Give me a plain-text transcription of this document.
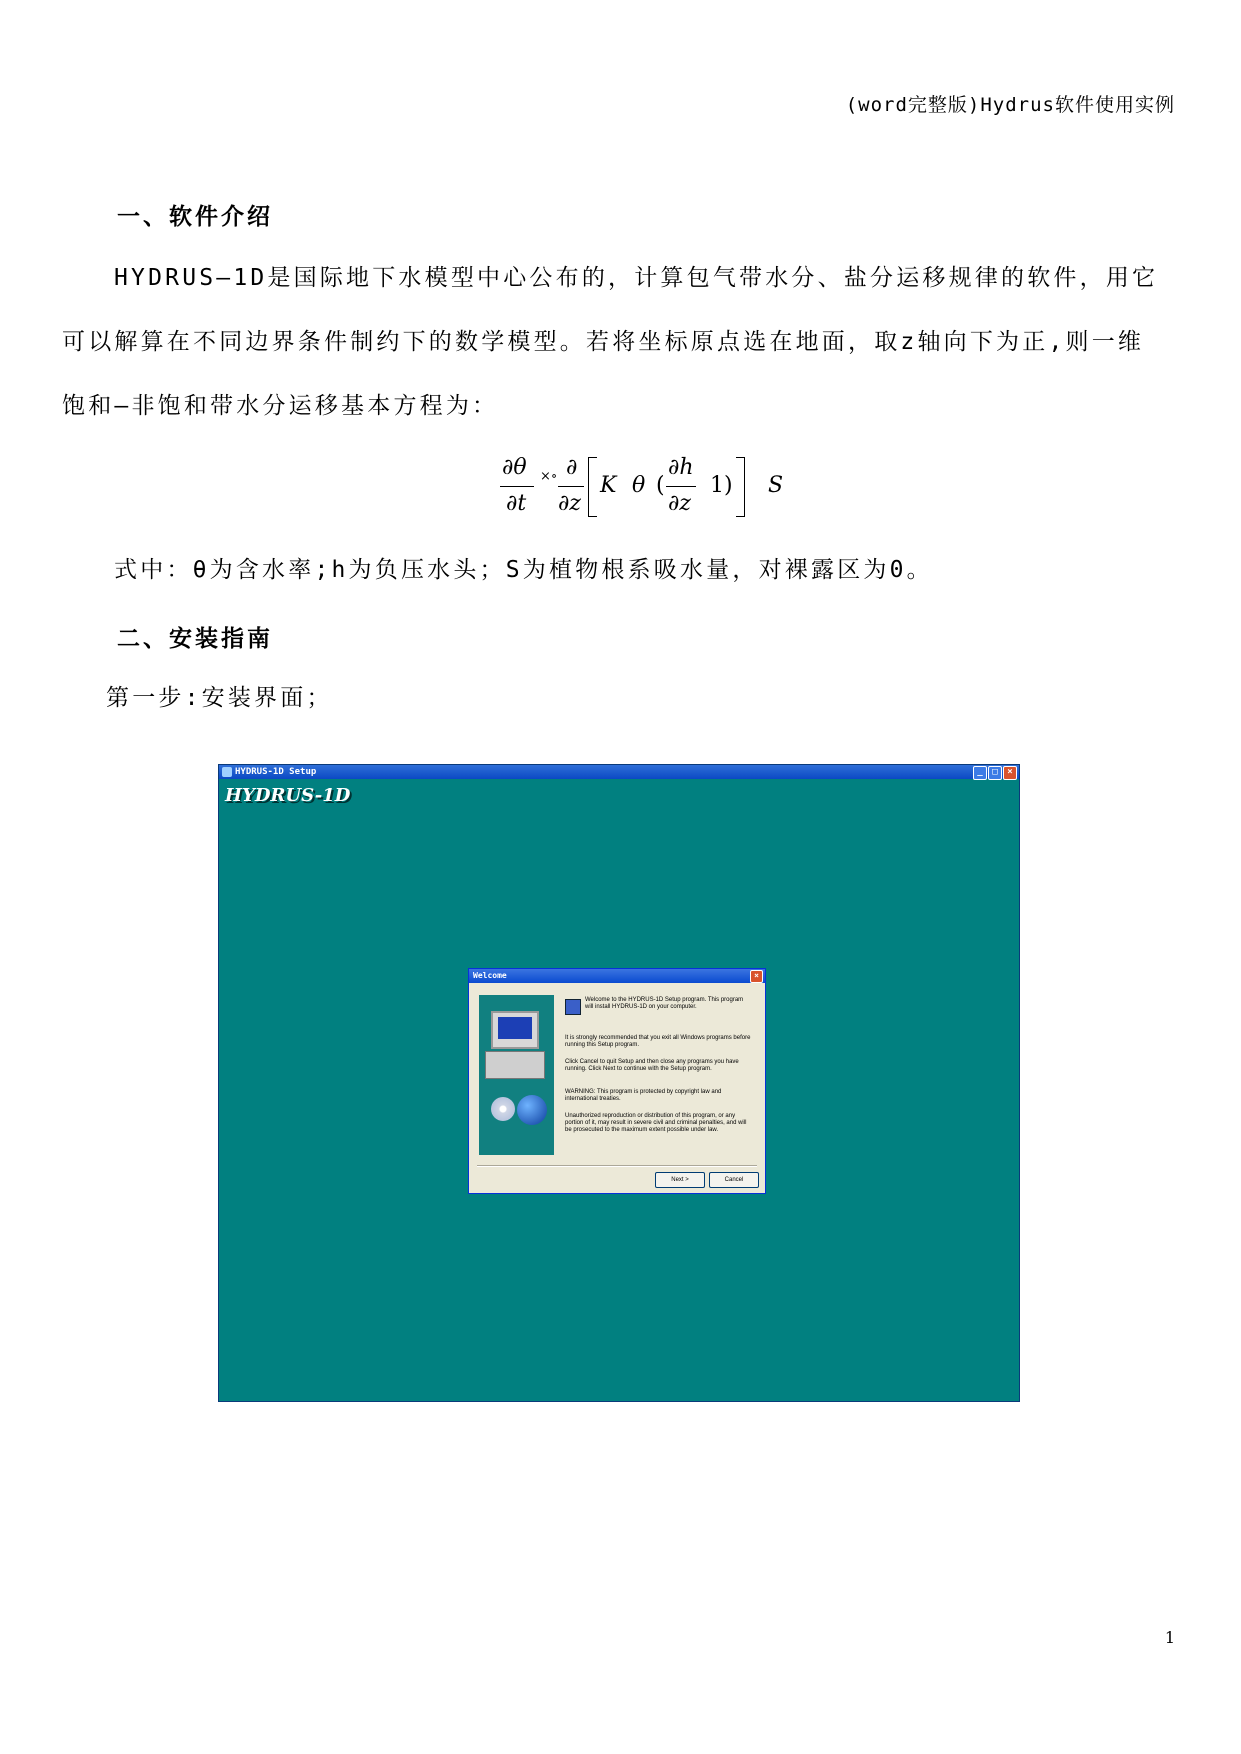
(word完整版)Hydrus软件使用实例
一、软件介绍
HYDRUS—1D是国际地下水模型中心公布的，计算包气带水分、盐分运移规律的软件，用它
可以解算在不同边界条件制约下的数学模型。若将坐标原点选在地面，取z轴向下为正,则一维
饱和—非饱和带水分运移基本方程为：
∂θ
∂t
×∘ ∂
∂z
K θ (
∂h
∂z
1) S
式中：θ为含水率;h为负压水头；S为植物根系吸水量，对裸露区为0。
二、安装指南
第一步:安装界面；
HYDRUS-1D Setup	_	□	×
HYDRUS-1D
Welcome	×
Welcome to the HYDRUS-1D Setup program. This program will install HYDRUS-1D on your computer.
It is strongly recommended that you exit all Windows programs before running this Setup program.
Click Cancel to quit Setup and then close any programs you have running. Click Next to continue with the Setup program.
WARNING: This program is protected by copyright law and international treaties.
Unauthorized reproduction or distribution of this program, or any portion of it, may result in severe civil and criminal penalties, and will be prosecuted to the maximum extent possible under law.
Next >	Cancel
1
